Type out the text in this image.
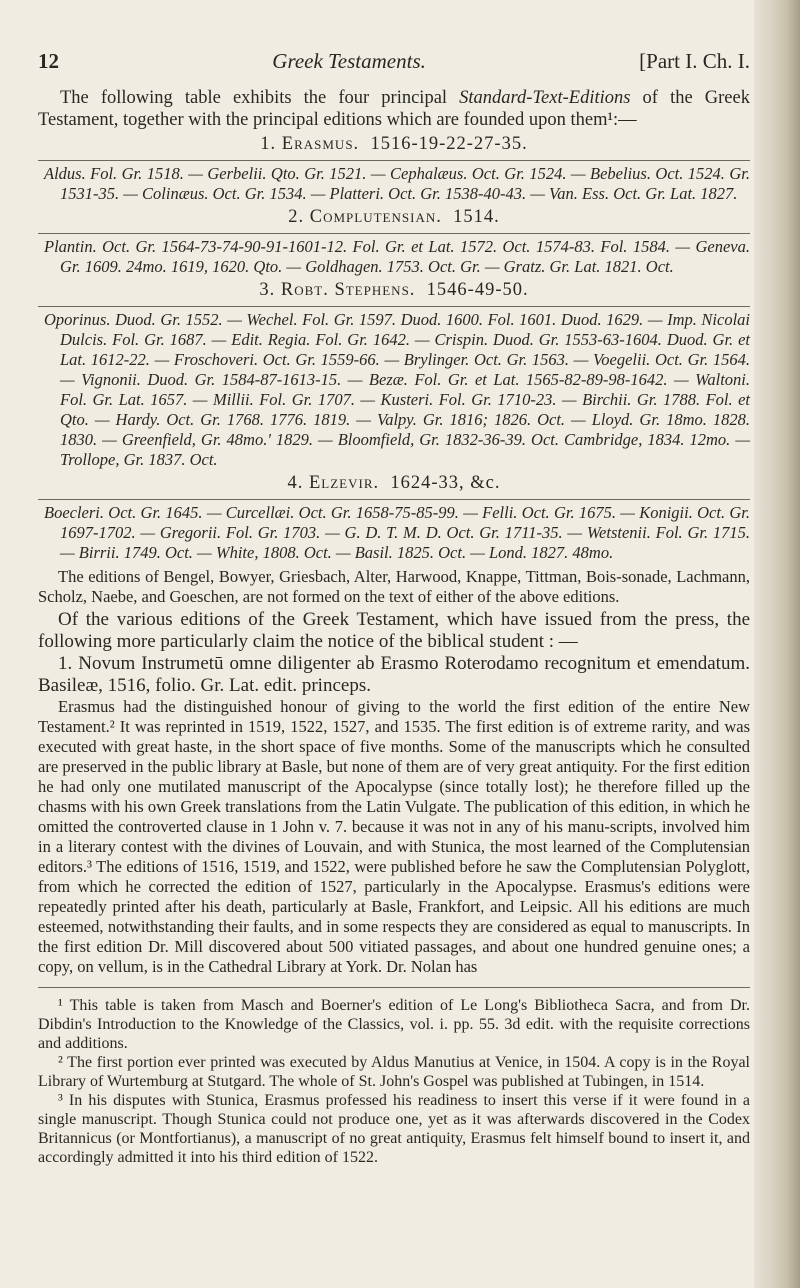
12	Greek Testaments.	[Part I. Ch. I.

The following table exhibits the four principal Standard-Text-Editions of the Greek Testament, together with the principal editions which are founded upon them¹:—

1. Erasmus. 1516-19-22-27-35.

Aldus. Fol. Gr. 1518. — Gerbelii. Qto. Gr. 1521. — Cephalæus. Oct. Gr. 1524. — Bebelius. Oct. 1524. Gr. 1531-35. — Colinæus. Oct. Gr. 1534. — Platteri. Oct. Gr. 1538-40-43. — Van. Ess. Oct. Gr. Lat. 1827.

2. Complutensian. 1514.

Plantin. Oct. Gr. 1564-73-74-90-91-1601-12. Fol. Gr. et Lat. 1572. Oct. 1574-83. Fol. 1584. — Geneva. Gr. 1609. 24mo. 1619, 1620. Qto. — Goldhagen. 1753. Oct. Gr. — Gratz. Gr. Lat. 1821. Oct.

3. Robt. Stephens. 1546-49-50.

Oporinus. Duod. Gr. 1552. — Wechel. Fol. Gr. 1597. Duod. 1600. Fol. 1601. Duod. 1629. — Imp. Nicolai Dulcis. Fol. Gr. 1687. — Edit. Regia. Fol. Gr. 1642. — Crispin. Duod. Gr. 1553-63-1604. Duod. Gr. et Lat. 1612-22. — Froschoveri. Oct. Gr. 1559-66. — Brylinger. Oct. Gr. 1563. — Voegelii. Oct. Gr. 1564. — Vignonii. Duod. Gr. 1584-87-1613-15. — Bezæ. Fol. Gr. et Lat. 1565-82-89-98-1642. — Waltoni. Fol. Gr. Lat. 1657. — Millii. Fol. Gr. 1707. — Kusteri. Fol. Gr. 1710-23. — Birchii. Gr. 1788. Fol. et Qto. — Hardy. Oct. Gr. 1768. 1776. 1819. — Valpy. Gr. 1816; 1826. Oct. — Lloyd. Gr. 18mo. 1828. 1830. — Greenfield, Gr. 48mo.' 1829. — Bloomfield, Gr. 1832-36-39. Oct. Cambridge, 1834. 12mo. — Trollope, Gr. 1837. Oct.

4. Elzevir. 1624-33, &c.

Boecleri. Oct. Gr. 1645. — Curcellæi. Oct. Gr. 1658-75-85-99. — Felli. Oct. Gr. 1675. — Konigii. Oct. Gr. 1697-1702. — Gregorii. Fol. Gr. 1703. — G. D. T. M. D. Oct. Gr. 1711-35. — Wetstenii. Fol. Gr. 1715. — Birrii. 1749. Oct. — White, 1808. Oct. — Basil. 1825. Oct. — Lond. 1827. 48mo.

The editions of Bengel, Bowyer, Griesbach, Alter, Harwood, Knappe, Tittman, Bois-sonade, Lachmann, Scholz, Naebe, and Goeschen, are not formed on the text of either of the above editions.

Of the various editions of the Greek Testament, which have issued from the press, the following more particularly claim the notice of the biblical student : —

1. Novum Instrumetū omne diligenter ab Erasmo Roterodamo recognitum et emendatum. Basileæ, 1516, folio. Gr. Lat. edit. princeps.

Erasmus had the distinguished honour of giving to the world the first edition of the entire New Testament.² It was reprinted in 1519, 1522, 1527, and 1535. The first edition is of extreme rarity, and was executed with great haste, in the short space of five months. Some of the manuscripts which he consulted are preserved in the public library at Basle, but none of them are of very great antiquity. For the first edition he had only one mutilated manuscript of the Apocalypse (since totally lost); he therefore filled up the chasms with his own Greek translations from the Latin Vulgate. The publication of this edition, in which he omitted the controverted clause in 1 John v. 7. because it was not in any of his manu-scripts, involved him in a literary contest with the divines of Louvain, and with Stunica, the most learned of the Complutensian editors.³ The editions of 1516, 1519, and 1522, were published before he saw the Complutensian Polyglott, from which he corrected the edition of 1527, particularly in the Apocalypse. Erasmus's editions were repeatedly printed after his death, particularly at Basle, Frankfort, and Leipsic. All his editions are much esteemed, notwithstanding their faults, and in some respects they are considered as equal to manuscripts. In the first edition Dr. Mill discovered about 500 vitiated passages, and about one hundred genuine ones; a copy, on vellum, is in the Cathedral Library at York. Dr. Nolan has

¹ This table is taken from Masch and Boerner's edition of Le Long's Bibliotheca Sacra, and from Dr. Dibdin's Introduction to the Knowledge of the Classics, vol. i. pp. 55. 3d edit. with the requisite corrections and additions.

² The first portion ever printed was executed by Aldus Manutius at Venice, in 1504. A copy is in the Royal Library of Wurtemburg at Stutgard. The whole of St. John's Gospel was published at Tubingen, in 1514.

³ In his disputes with Stunica, Erasmus professed his readiness to insert this verse if it were found in a single manuscript. Though Stunica could not produce one, yet as it was afterwards discovered in the Codex Britannicus (or Montfortianus), a manuscript of no great antiquity, Erasmus felt himself bound to insert it, and accordingly admitted it into his third edition of 1522.
